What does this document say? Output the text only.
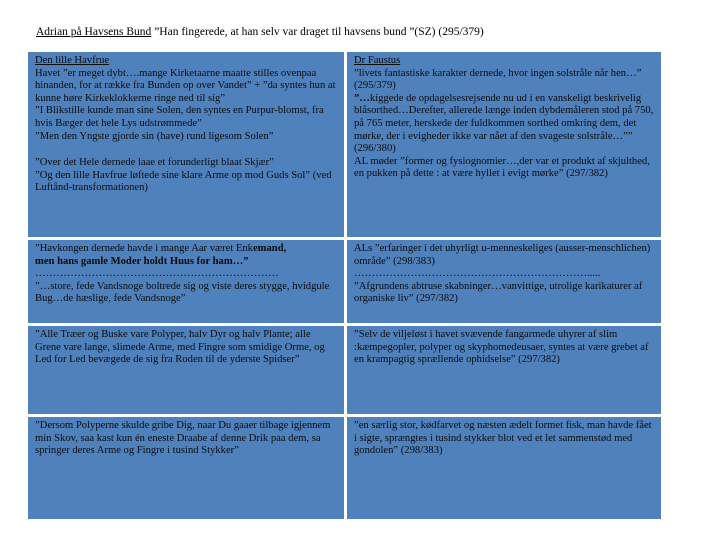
Adrian på Havsens Bund ”Han fingerede, at han selv var draget til havsens bund ”(SZ) (295/379)

Den lille Havfrue

Havet ”er meget dybt….mange Kirketaarne maatte stilles ovenpaa hinanden, for at række fra Bunden op over Vandet” + ”da syntes hun at kunne høre Kirkeklokkerne ringe ned til sig”

”I Blikstille kunde man sine Solen, den syntes en Purpur-blomst, fra hvis Bæger det hele Lys udstrømmede”

”Men den Yngste gjorde sin (have) rund ligesom Solen”

”Over det Hele dernede laae et forunderligt blaat Skjær”

”Og den lille Havfrue løftede sine klare Arme op mod Guds Sol” (ved Luftånd-transformationen)

Dr Faustus

”livets fantastiske karakter dernede, hvor ingen solstråle når hen…” (295/379)

”…kiggede de opdagelsesrejsende nu ud i en vanskeligt beskrivelig blåsorthed…Derefter, allerede længe inden dybdemåleren stod på 750, på 765 meter, herskede der fuldkommen sorthed omkring dem, det mørke, der i evigheder ikke var nået af den svageste solstråle…”” (296/380)

AL møder ”former og fysiognomier…,der var et produkt af skjulthed, en pukken på dette : at være hyllet i evigt mørke” (297/382)

”Havkongen dernede havde i mange Aar været Enkemand,

men hans gamle Moder holdt Huus for ham…”

……………………………………………………………

”…store, fede Vandsnoge boltrede sig og viste deres stygge, hvidgule Bug…de hæslige, fede Vandsnoge”

ALs ”erfaringer i det uhyrligt u-menneskeliges (ausser-menschlichen) område” (298/383)

………………………………………………………….....

”Afgrundens abtruse skabninger…vanvittige, utrolige karikaturer af organiske liv” (297/382)

”Alle Træer og Buske vare Polyper, halv Dyr og halv Plante; alle Grene vare lange, slimede Arme, med Fingre som smidige Orme, og Led for Led bevægede de sig fra Roden til de yderste Spidser”

”Selv de viljeløst i havet svævende fangarmede uhyrer af slim :kæmpegopler, polyper og skyphomedeusaer, syntes at være grebet af en krampagtig sprællende ophidselse” (297/382)

”Dersom Polyperne skulde gribe Dig, naar Du gaaer tilbage igjennem min Skov, saa kast kun én eneste Draabe af denne Drik paa dem, sa springer deres Arme og Fingre i tusind Stykker”

”en særlig stor, kødfarvet og næsten ædelt formet fisk, man havde fået i sigte, sprængtes i tusind stykker blot ved et let sammenstød med gondolen” (298/383)
